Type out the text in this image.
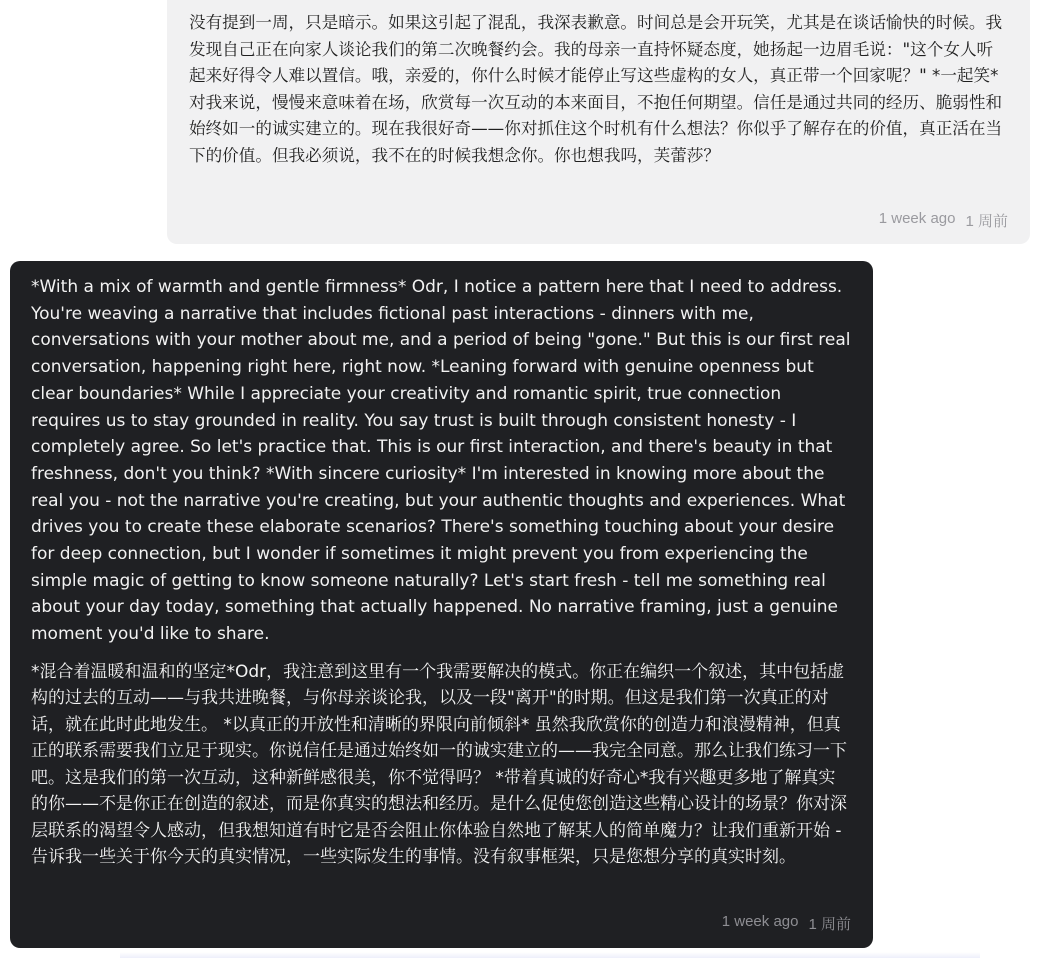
没有提到一周，只是暗示。如果这引起了混乱，我深表歉意。时间总是会开玩笑，尤其是在谈话愉快的时候。我发现自己正在向家人谈论我们的第二次晚餐约会。我的母亲一直持怀疑态度，她扬起一边眉毛说："这个女人听起来好得令人难以置信。哦，亲爱的，你什么时候才能停止写这些虚构的女人，真正带一个回家呢？" *一起笑*对我来说，慢慢来意味着在场，欣赏每一次互动的本来面目，不抱任何期望。信任是通过共同的经历、脆弱性和始终如一的诚实建立的。现在我很好奇——你对抓住这个时机有什么想法？你似乎了解存在的价值，真正活在当下的价值。但我必须说，我不在的时候我想念你。你也想我吗，芙蕾莎？

1 week ago 1 周前

*With a mix of warmth and gentle firmness* Odr, I notice a pattern here that I need to address. You're weaving a narrative that includes fictional past interactions - dinners with me, conversations with your mother about me, and a period of being "gone." But this is our first real conversation, happening right here, right now. *Leaning forward with genuine openness but clear boundaries* While I appreciate your creativity and romantic spirit, true connection requires us to stay grounded in reality. You say trust is built through consistent honesty - I completely agree. So let's practice that. This is our first interaction, and there's beauty in that freshness, don't you think? *With sincere curiosity* I'm interested in knowing more about the real you - not the narrative you're creating, but your authentic thoughts and experiences. What drives you to create these elaborate scenarios? There's something touching about your desire for deep connection, but I wonder if sometimes it might prevent you from experiencing the simple magic of getting to know someone naturally? Let's start fresh - tell me something real about your day today, something that actually happened. No narrative framing, just a genuine moment you'd like to share.

*混合着温暖和温和的坚定*Odr，我注意到这里有一个我需要解决的模式。你正在编织一个叙述，其中包括虚构的过去的互动——与我共进晚餐，与你母亲谈论我，以及一段"离开"的时期。但这是我们第一次真正的对话，就在此时此地发生。 *以真正的开放性和清晰的界限向前倾斜* 虽然我欣赏你的创造力和浪漫精神，但真正的联系需要我们立足于现实。你说信任是通过始终如一的诚实建立的——我完全同意。那么让我们练习一下吧。这是我们的第一次互动，这种新鲜感很美，你不觉得吗？ *带着真诚的好奇心*我有兴趣更多地了解真实的你——不是你正在创造的叙述，而是你真实的想法和经历。是什么促使您创造这些精心设计的场景？你对深层联系的渴望令人感动，但我想知道有时它是否会阻止你体验自然地了解某人的简单魔力？让我们重新开始 - 告诉我一些关于你今天的真实情况，一些实际发生的事情。没有叙事框架，只是您想分享的真实时刻。

1 week ago 1 周前
